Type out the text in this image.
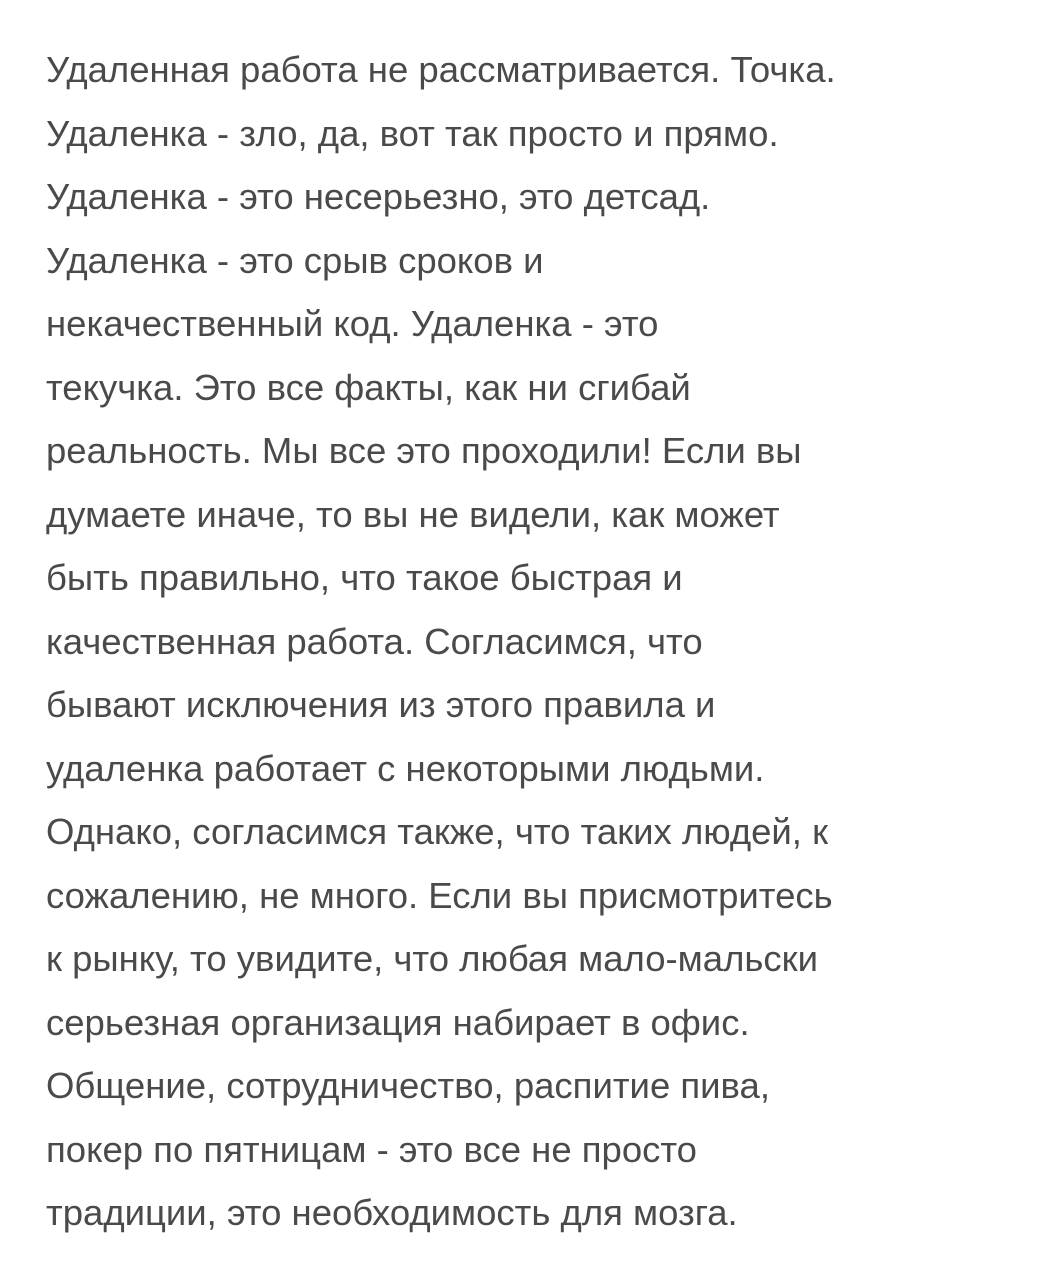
Удаленная работа не рассматривается. Точка.
Удаленка - зло, да, вот так просто и прямо.
Удаленка - это несерьезно, это детсад.
Удаленка - это срыв сроков и
некачественный код. Удаленка - это
текучка. Это все факты, как ни сгибай
реальность. Мы все это проходили! Если вы
думаете иначе, то вы не видели, как может
быть правильно, что такое быстрая и
качественная работа. Согласимся, что
бывают исключения из этого правила и
удаленка работает с некоторыми людьми.
Однако, согласимся также, что таких людей, к
сожалению, не много. Если вы присмотритесь
к рынку, то увидите, что любая мало-мальски
серьезная организация набирает в офис.
Общение, сотрудничество, распитие пива,
покер по пятницам - это все не просто
традиции, это необходимость для мозга.
